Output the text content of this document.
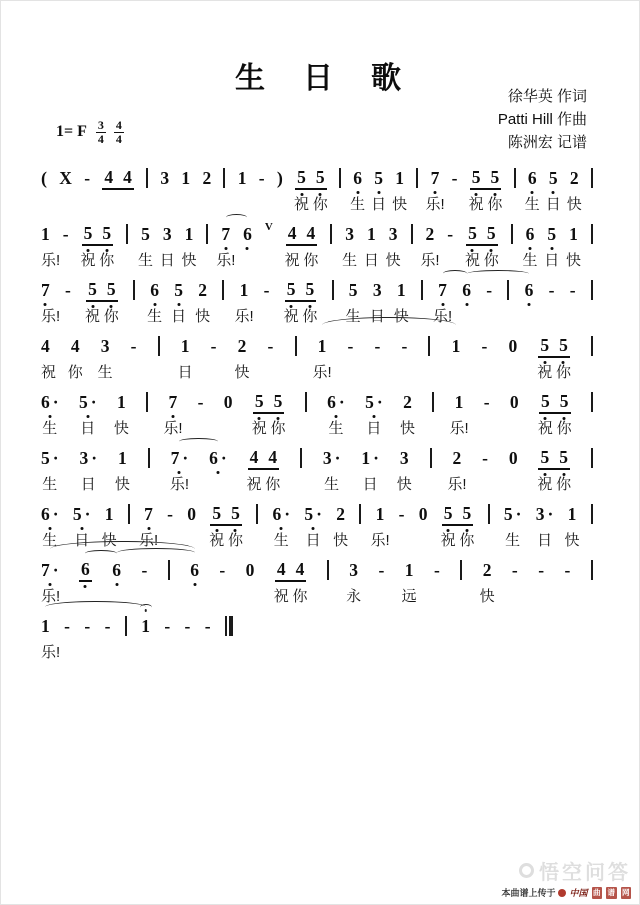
生　日　歌
徐华英 作词
Patti Hill 作曲
陈洲宏 记谱
1= F $\frac{3}{4} \frac{4}{4}$
( X - 4 4 3 1 2 1 - ) 5 5 6 5 1 7 - 5 5 6 5 2
祝 你 生 日 快 乐! 祝 你 生 日 快
1 - 5 5 5 3 1 7 6 V 4 4 3 1 3 2 - 5 5 6 5 1
乐! 祝 你 生 日 快 乐!	祝 你 生 日 快 乐! 祝 你 生 日 快
7 - 5 5 6 5 2 1 - 5 5 5 3 1 7 6 - 6 - -
乐! 祝 你 生 日 快 乐! 祝 你 生 日 快 乐!
4 4 3 -	1 - 2 -	1 - - -	1 - 0 5 5
祝 你 生	日	快	乐!	祝 你
6 · 5 · 1 7 - 0 5 5	6 · 5 · 2 1 - 0 5 5
生 日 快 乐!	祝 你	生 日 快 乐!	祝 你
5 · 3 · 1	7 · 6 · 4 4	3 · 1 · 3	2 - 0 5 5
生 日 快	乐!	祝 你	生 日 快 乐!	祝 你
6 · 5 · 1 7 - 0 5 5 6 · 5 · 2 1 - 0 5 5 5 · 3 · 1
生 日 快 乐!	祝 你 生 日 快 乐!	祝 你 生 日 快
7 · 6 6 - 6 - 0 4 4	3 - 1 - 2 - - -
乐!	祝 你	永	远	快
1 - - - 1 - - -
乐!
悟空问答
本曲谱上传于 中国 曲 谱 网
